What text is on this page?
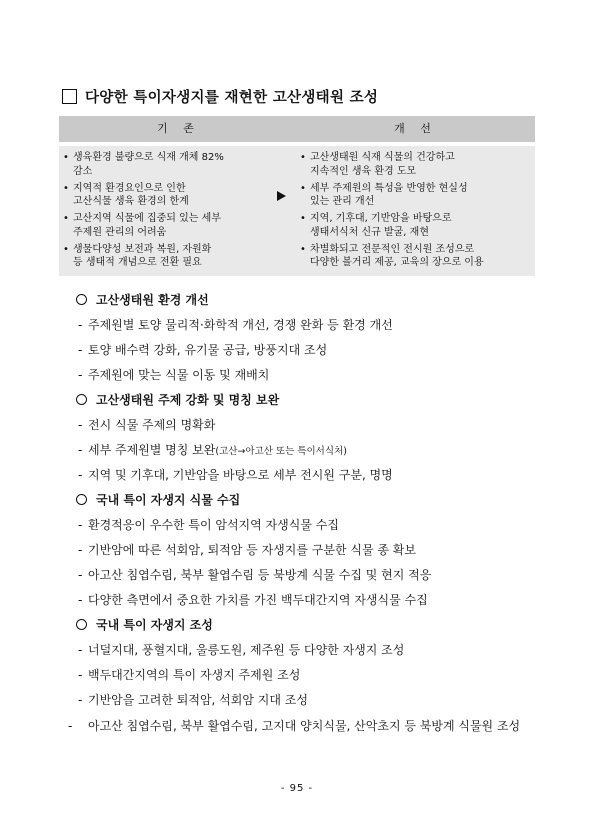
다양한 특이자생지를 재현한 고산생태원 조성
기 존
• 생육환경 불량으로 식재 개체 82%
감소
• 지역적 환경요인으로 인한
고산식물 생육 환경의 한계
• 고산지역 식물에 집중되 있는 세부
주제원 관리의 어려움
• 생물다양성 보전과 복원, 자원화
등 생태적 개념으로 전환 필요
개 선
• 고산생태원 식재 식물의 건강하고
지속적인 생육 환경 도모
• 세부 주제원의 특성을 반영한 현실성
있는 관리 개선
• 지역, 기후대, 기반암을 바탕으로
생태서식처 신규 발굴, 재현
• 차별화되고 전문적인 전시원 조성으로
다양한 볼거리 제공, 교육의 장으로 이용
고산생태원 환경 개선
- 주제원별 토양 물리적·화학적 개선, 경쟁 완화 등 환경 개선
- 토양 배수력 강화, 유기물 공급, 방풍지대 조성
- 주제원에 맞는 식물 이동 및 재배치
고산생태원 주제 강화 및 명칭 보완
- 전시 식물 주제의 명확화
- 세부 주제원별 명칭 보완(고산→아고산 또는 특이서식처)
- 지역 및 기후대, 기반암을 바탕으로 세부 전시원 구분, 명명
국내 특이 자생지 식물 수집
- 환경적응이 우수한 특이 암석지역 자생식물 수집
- 기반암에 따른 석회암, 퇴적암 등 자생지를 구분한 식물 종 확보
- 아고산 침엽수림, 북부 활엽수림 등 북방계 식물 수집 및 현지 적응
- 다양한 측면에서 중요한 가치를 가진 백두대간지역 자생식물 수집
국내 특이 자생지 조성
- 너덜지대, 풍혈지대, 울릉도원, 제주원 등 다양한 자생지 조성
- 백두대간지역의 특이 자생지 주제원 조성
- 기반암을 고려한 퇴적암, 석회암 지대 조성
- 아고산 침엽수림, 북부 활엽수림, 고지대 양치식물, 산악초지 등 북방계 식물원 조성
- 95 -
